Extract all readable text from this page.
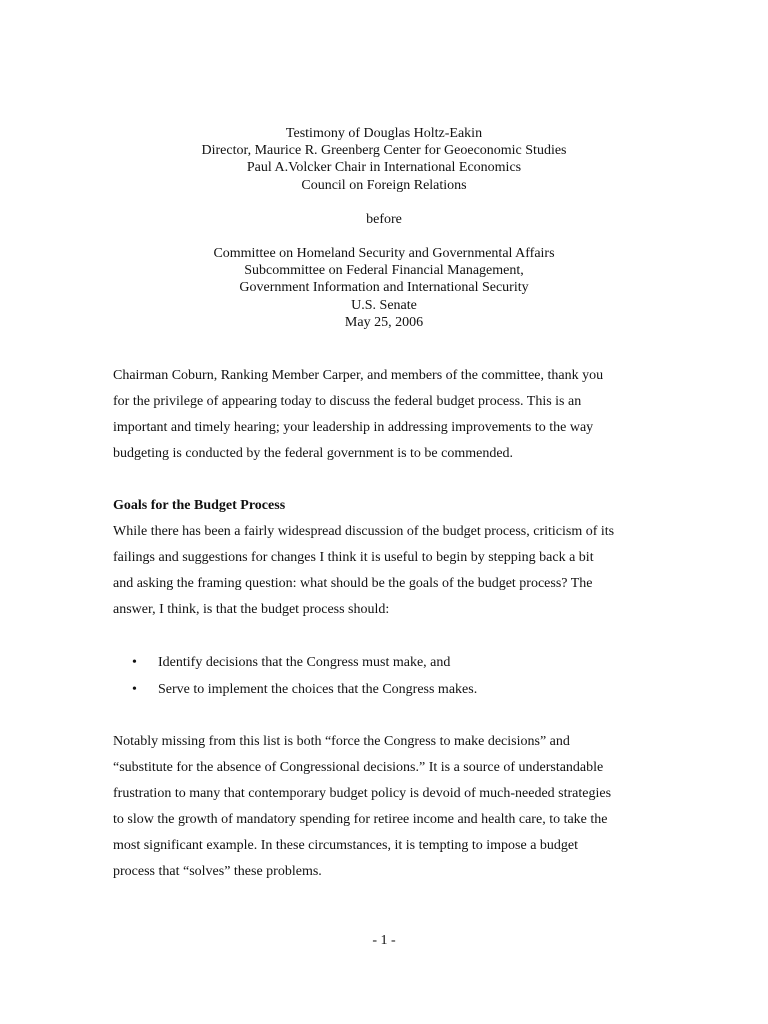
Testimony of Douglas Holtz-Eakin
Director, Maurice R. Greenberg Center for Geoeconomic Studies
Paul A.Volcker Chair in International Economics
Council on Foreign Relations
before
Committee on Homeland Security and Governmental Affairs
Subcommittee on Federal Financial Management,
Government Information and International Security
U.S. Senate
May 25, 2006
Chairman Coburn, Ranking Member Carper, and members of the committee, thank you
for the privilege of appearing today to discuss the federal budget process. This is an
important and timely hearing; your leadership in addressing improvements to the way
budgeting is conducted by the federal government is to be commended.
Goals for the Budget Process
While there has been a fairly widespread discussion of the budget process, criticism of its
failings and suggestions for changes I think it is useful to begin by stepping back a bit
and asking the framing question: what should be the goals of the budget process? The
answer, I think, is that the budget process should:
• Identify decisions that the Congress must make, and
• Serve to implement the choices that the Congress makes.
Notably missing from this list is both “force the Congress to make decisions” and
“substitute for the absence of Congressional decisions.” It is a source of understandable
frustration to many that contemporary budget policy is devoid of much-needed strategies
to slow the growth of mandatory spending for retiree income and health care, to take the
most significant example. In these circumstances, it is tempting to impose a budget
process that “solves” these problems.
- 1 -
